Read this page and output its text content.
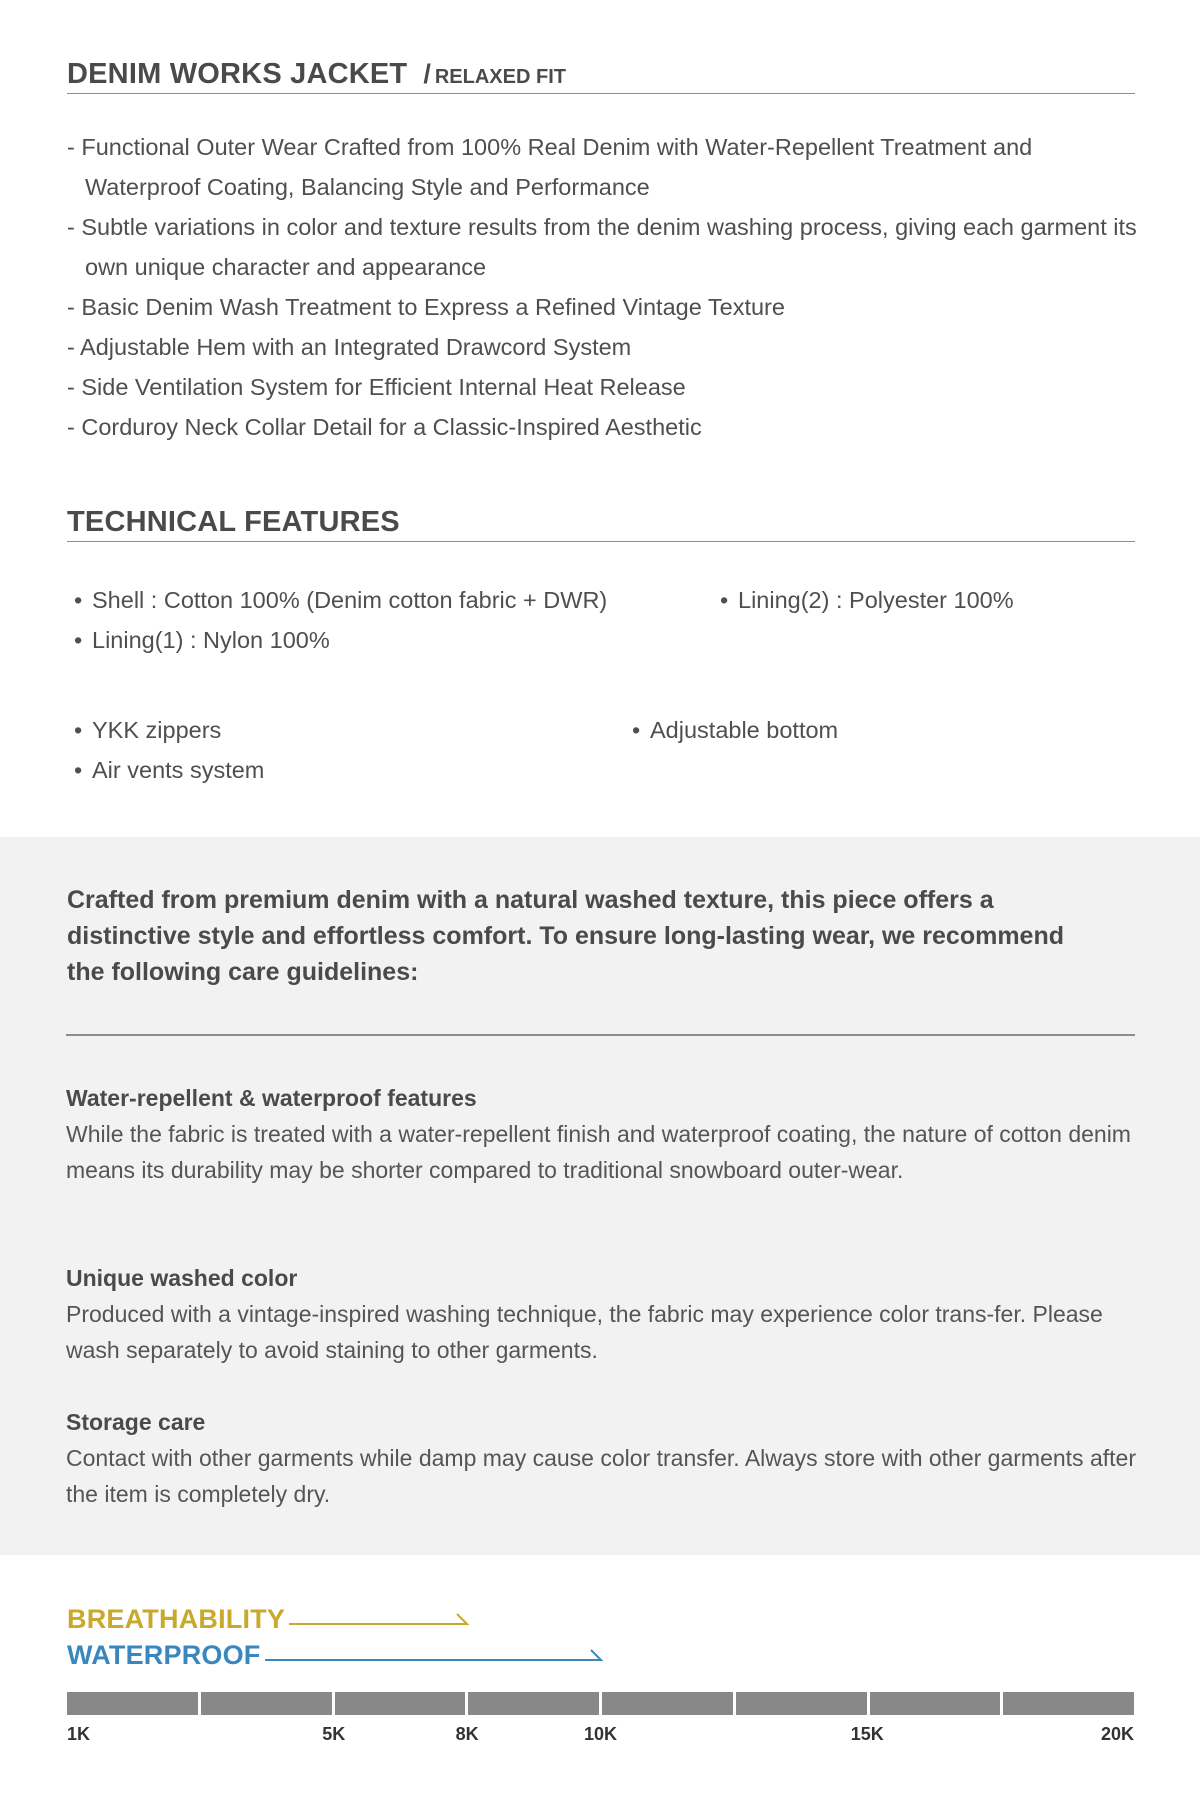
DENIM WORKS JACKET / RELAXED FIT
- Functional Outer Wear Crafted from 100% Real Denim with Water-Repellent Treatment and Waterproof Coating, Balancing Style and Performance
- Subtle variations in color and texture results from the denim washing process, giving each garment its own unique character and appearance
- Basic Denim Wash Treatment to Express a Refined Vintage Texture
- Adjustable Hem with an Integrated Drawcord System
- Side Ventilation System for Efficient Internal Heat Release
- Corduroy Neck Collar Detail for a Classic-Inspired Aesthetic
TECHNICAL FEATURES
• Shell : Cotton 100% (Denim cotton fabric + DWR)	• Lining(2) : Polyester 100%
• Lining(1) : Nylon 100%
• YKK zippers	• Adjustable bottom
• Air vents system
Crafted from premium denim with a natural washed texture, this piece offers a distinctive style and effortless comfort. To ensure long-lasting wear, we recommend the following care guidelines:
Water-repellent & waterproof features
While the fabric is treated with a water-repellent finish and waterproof coating, the nature of cotton denim means its durability may be shorter compared to traditional snowboard outer-wear.
Unique washed color
Produced with a vintage-inspired washing technique, the fabric may experience color trans-fer. Please wash separately to avoid staining to other garments.
Storage care
Contact with other garments while damp may cause color transfer. Always store with other garments after the item is completely dry.
BREATHABILITY
WATERPROOF
1K	5K	8K	10K	15K	20K
